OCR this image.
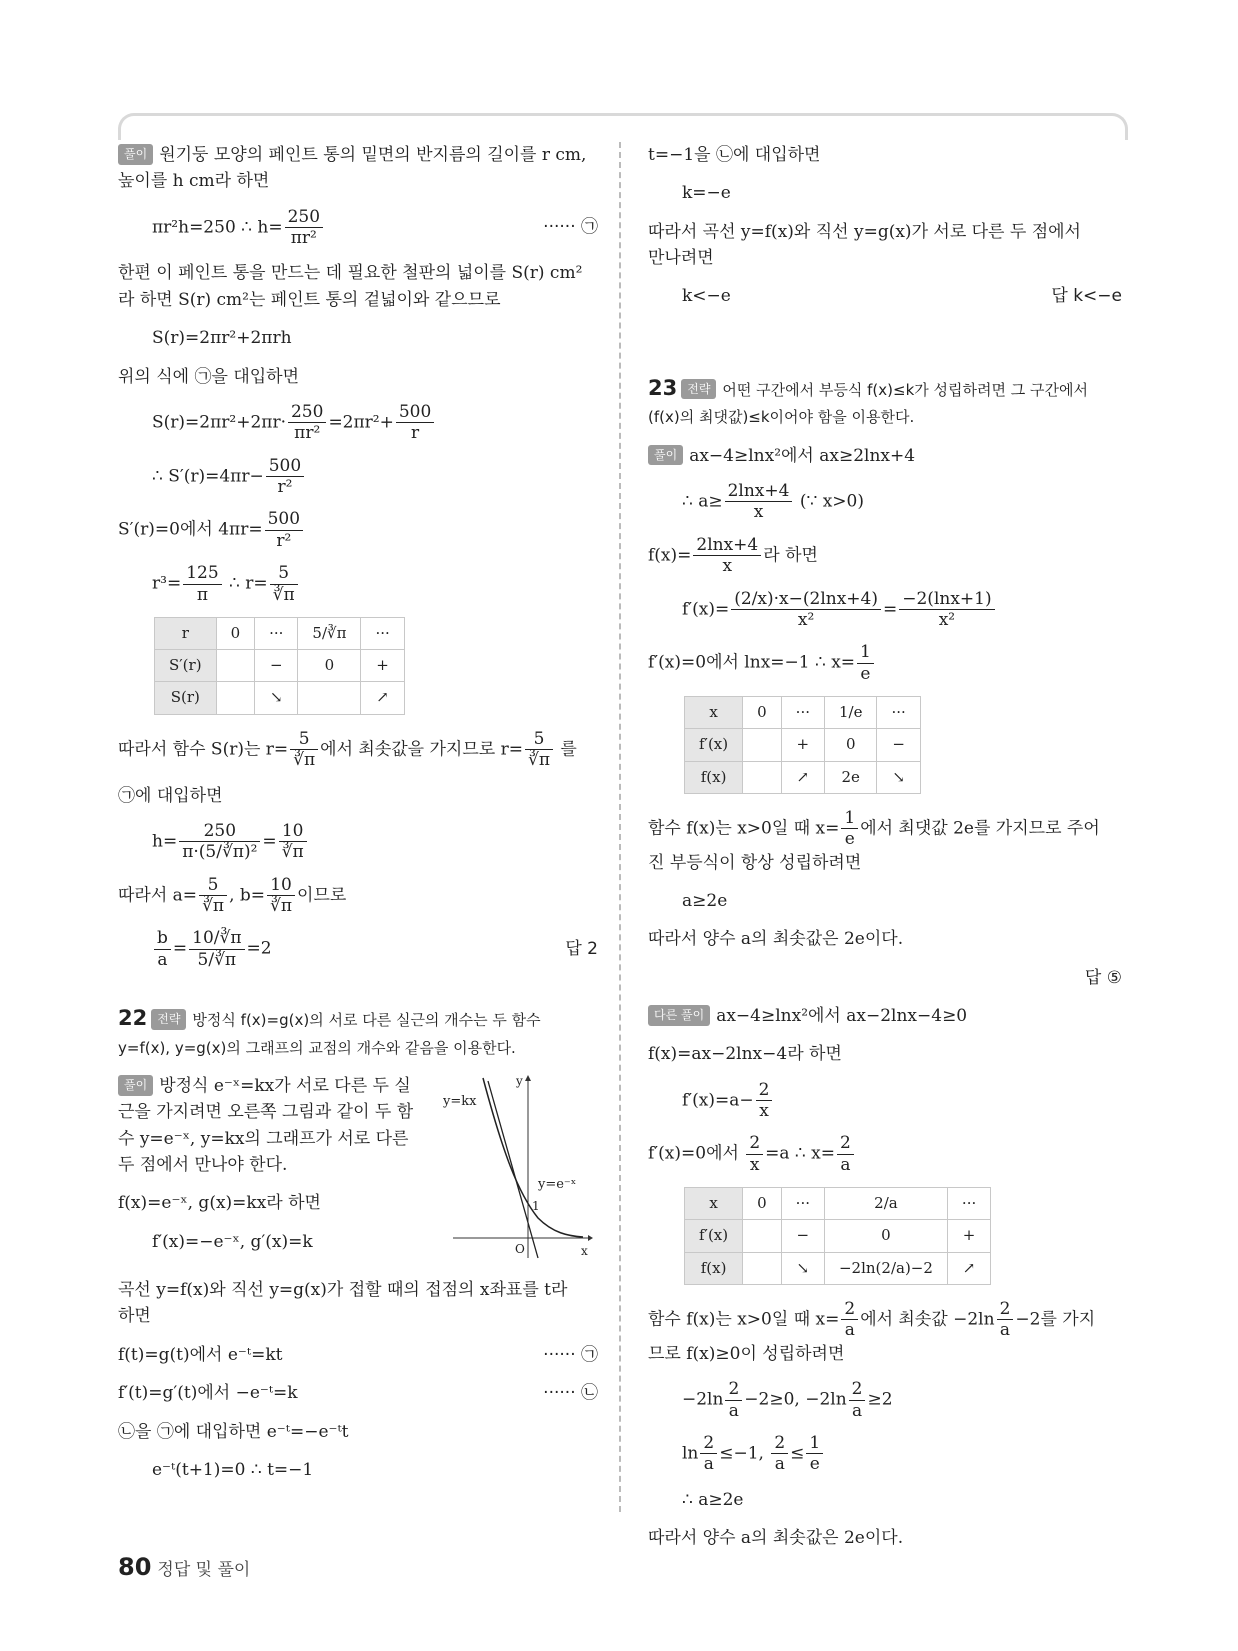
풀이 원기둥 모양의 페인트 통의 밑면의 반지름의 길이를 r cm,
높이를 h cm라 하면
πr²h=250 ∴ $h= \frac{250}{\text{πr²}}$	······ ㉠
한편 이 페인트 통을 만드는 데 필요한 철판의 넓이를 S(r) cm²
라 하면 S(r) cm²는 페인트 통의 겉넓이와 같으므로
S(r)=2πr²+2πrh
위의 식에 ㉠을 대입하면
$S(r)=2\pi r^2+2\pi r\cdot \frac{250}{\text{πr²}} =2\pi r^2+ \frac{500}{r}$
∴ $S'(r)=4\pi r- \frac{500}{\text{r²}}$
S′(r)=0에서 $4\pi r= \frac{500}{\text{r²}}$
$r^3= \frac{125}{\pi}$ ∴ $r= \frac{5}{∛\pi}$
r	0	···	5/∛π	···
S′(r)		−	0	+
S(r)		↘		↗
따라서 함수 S(r)는 $r= \frac{5}{∛\pi}$ 에서 최솟값을 가지므로 $r= \frac{5}{∛\pi}$ 를
㉠에 대입하면
$h= \frac{250}{\text{π·(5/∛π)²}} = \frac{10}{∛\pi}$
따라서 $a= \frac{5}{∛\pi}$ , $b= \frac{10}{∛\pi}$ 이므로
$\frac{b}{a} = \frac{10/∛\pi}{5/∛\pi} =2$	답 2
22 전략 방정식 f(x)=g(x)의 서로 다른 실근의 개수는 두 함수
y=f(x), y=g(x)의 그래프의 교점의 개수와 같음을 이용한다.
y=kx
y=e⁻ˣ
y
x
O
1
풀이 방정식 e⁻ˣ=kx가 서로 다른 두 실
근을 가지려면 오른쪽 그림과 같이 두 함
수 y=e⁻ˣ, y=kx의 그래프가 서로 다른
두 점에서 만나야 한다.
f(x)=e⁻ˣ, g(x)=kx라 하면
f′(x)=−e⁻ˣ, g′(x)=k
곡선 y=f(x)와 직선 y=g(x)가 접할 때의 접점의 x좌표를 t라
하면
f(t)=g(t)에서 e⁻ᵗ=kt	······ ㉠
f′(t)=g′(t)에서 −e⁻ᵗ=k	······ ㉡
㉡을 ㉠에 대입하면 e⁻ᵗ=−e⁻ᵗt
e⁻ᵗ(t+1)=0 ∴ t=−1
t=−1을 ㉡에 대입하면
k=−e
따라서 곡선 y=f(x)와 직선 y=g(x)가 서로 다른 두 점에서
만나려면
k<−e	답 k<−e
23 전략 어떤 구간에서 부등식 f(x)≤k가 성립하려면 그 구간에서
(f(x)의 최댓값)≤k이어야 함을 이용한다.
풀이 ax−4≥lnx²에서 ax≥2lnx+4
∴ $a\ge \frac{2\ln x+4}{x}$ (∵ x>0)
$f(x)= \frac{2\ln x+4}{x}$ 라 하면
$f'(x)= \frac{(2/x)\cdot x-(2\ln x+4)}{\text{x²}} = \frac{-2(\ln x+1)}{\text{x²}}$
f′(x)=0에서 lnx=−1 ∴ $x= \frac{1}{e}$
x	0	···	1/e	···
f′(x)		+	0	−
f(x)		↗	2e	↘
함수 f(x)는 x>0일 때 $x= \frac{1}{e}$ 에서 최댓값 2e를 가지므로 주어
진 부등식이 항상 성립하려면
a≥2e
따라서 양수 a의 최솟값은 2e이다.
답 ⑤
다른 풀이 ax−4≥lnx²에서 ax−2lnx−4≥0
f(x)=ax−2lnx−4라 하면
$f'(x)=a- \frac{2}{x}$
f′(x)=0에서 $\frac{2}{x} =a$ ∴ $x= \frac{2}{a}$
x	0	···	2/a	···
f′(x)		−	0	+
f(x)		↘	−2ln(2/a)−2	↗
함수 f(x)는 x>0일 때 $x= \frac{2}{a}$ 에서 최솟값 $-2\ln \frac{2}{a} -2$를 가지
므로 f(x)≥0이 성립하려면
$-2\ln \frac{2}{a} -2\ge 0$, $-2\ln \frac{2}{a} \ge 2$
$\ln \frac{2}{a} \le-1$, $\frac{2}{a} \le \frac{1}{e}$
∴ a≥2e
따라서 양수 a의 최솟값은 2e이다.
80 정답 및 풀이
